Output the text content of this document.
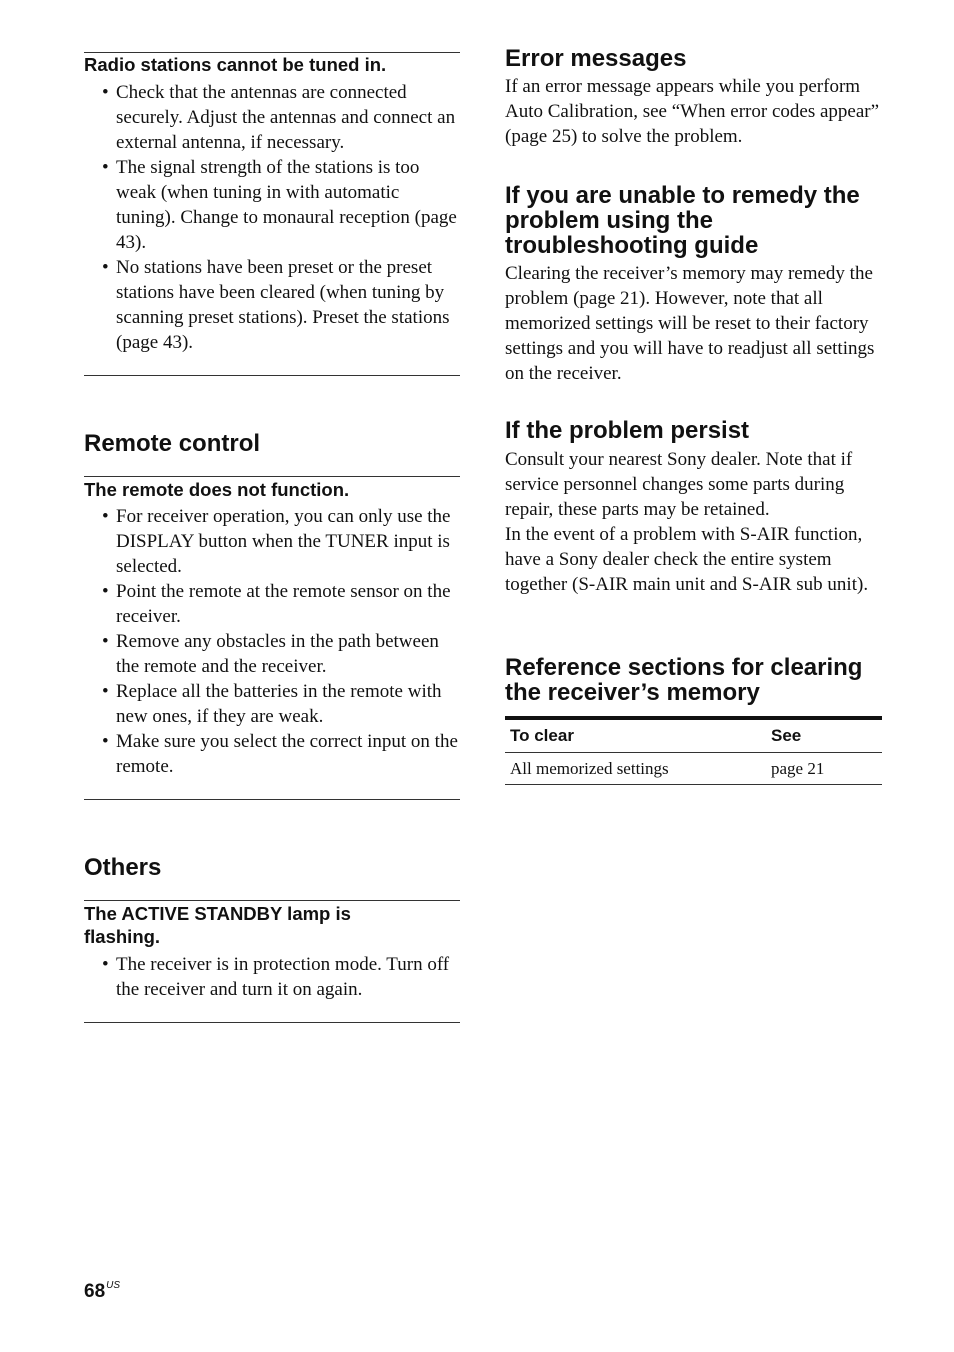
Radio stations cannot be tuned in.
• Check that the antennas are connected securely. Adjust the antennas and connect an external antenna, if necessary.
• The signal strength of the stations is too weak (when tuning in with automatic tuning). Change to monaural reception (page 43).
• No stations have been preset or the preset stations have been cleared (when tuning by scanning preset stations). Preset the stations (page 43).
Remote control
The remote does not function.
• For receiver operation, you can only use the DISPLAY button when the TUNER input is selected.
• Point the remote at the remote sensor on the receiver.
• Remove any obstacles in the path between the remote and the receiver.
• Replace all the batteries in the remote with new ones, if they are weak.
• Make sure you select the correct input on the remote.
Others
The ACTIVE STANDBY lamp is flashing.
• The receiver is in protection mode. Turn off the receiver and turn it on again.
Error messages

If an error message appears while you perform Auto Calibration, see “When error codes appear” (page 25) to solve the problem.

If you are unable to remedy the problem using the troubleshooting guide

Clearing the receiver’s memory may remedy the problem (page 21). However, note that all memorized settings will be reset to their factory settings and you will have to readjust all settings on the receiver.

If the problem persist

Consult your nearest Sony dealer. Note that if service personnel changes some parts during repair, these parts may be retained.

In the event of a problem with S-AIR function, have a Sony dealer check the entire system together (S-AIR main unit and S-AIR sub unit).

Reference sections for clearing the receiver’s memory
To clear	See
All memorized settings	page 21
$68^{US}$
